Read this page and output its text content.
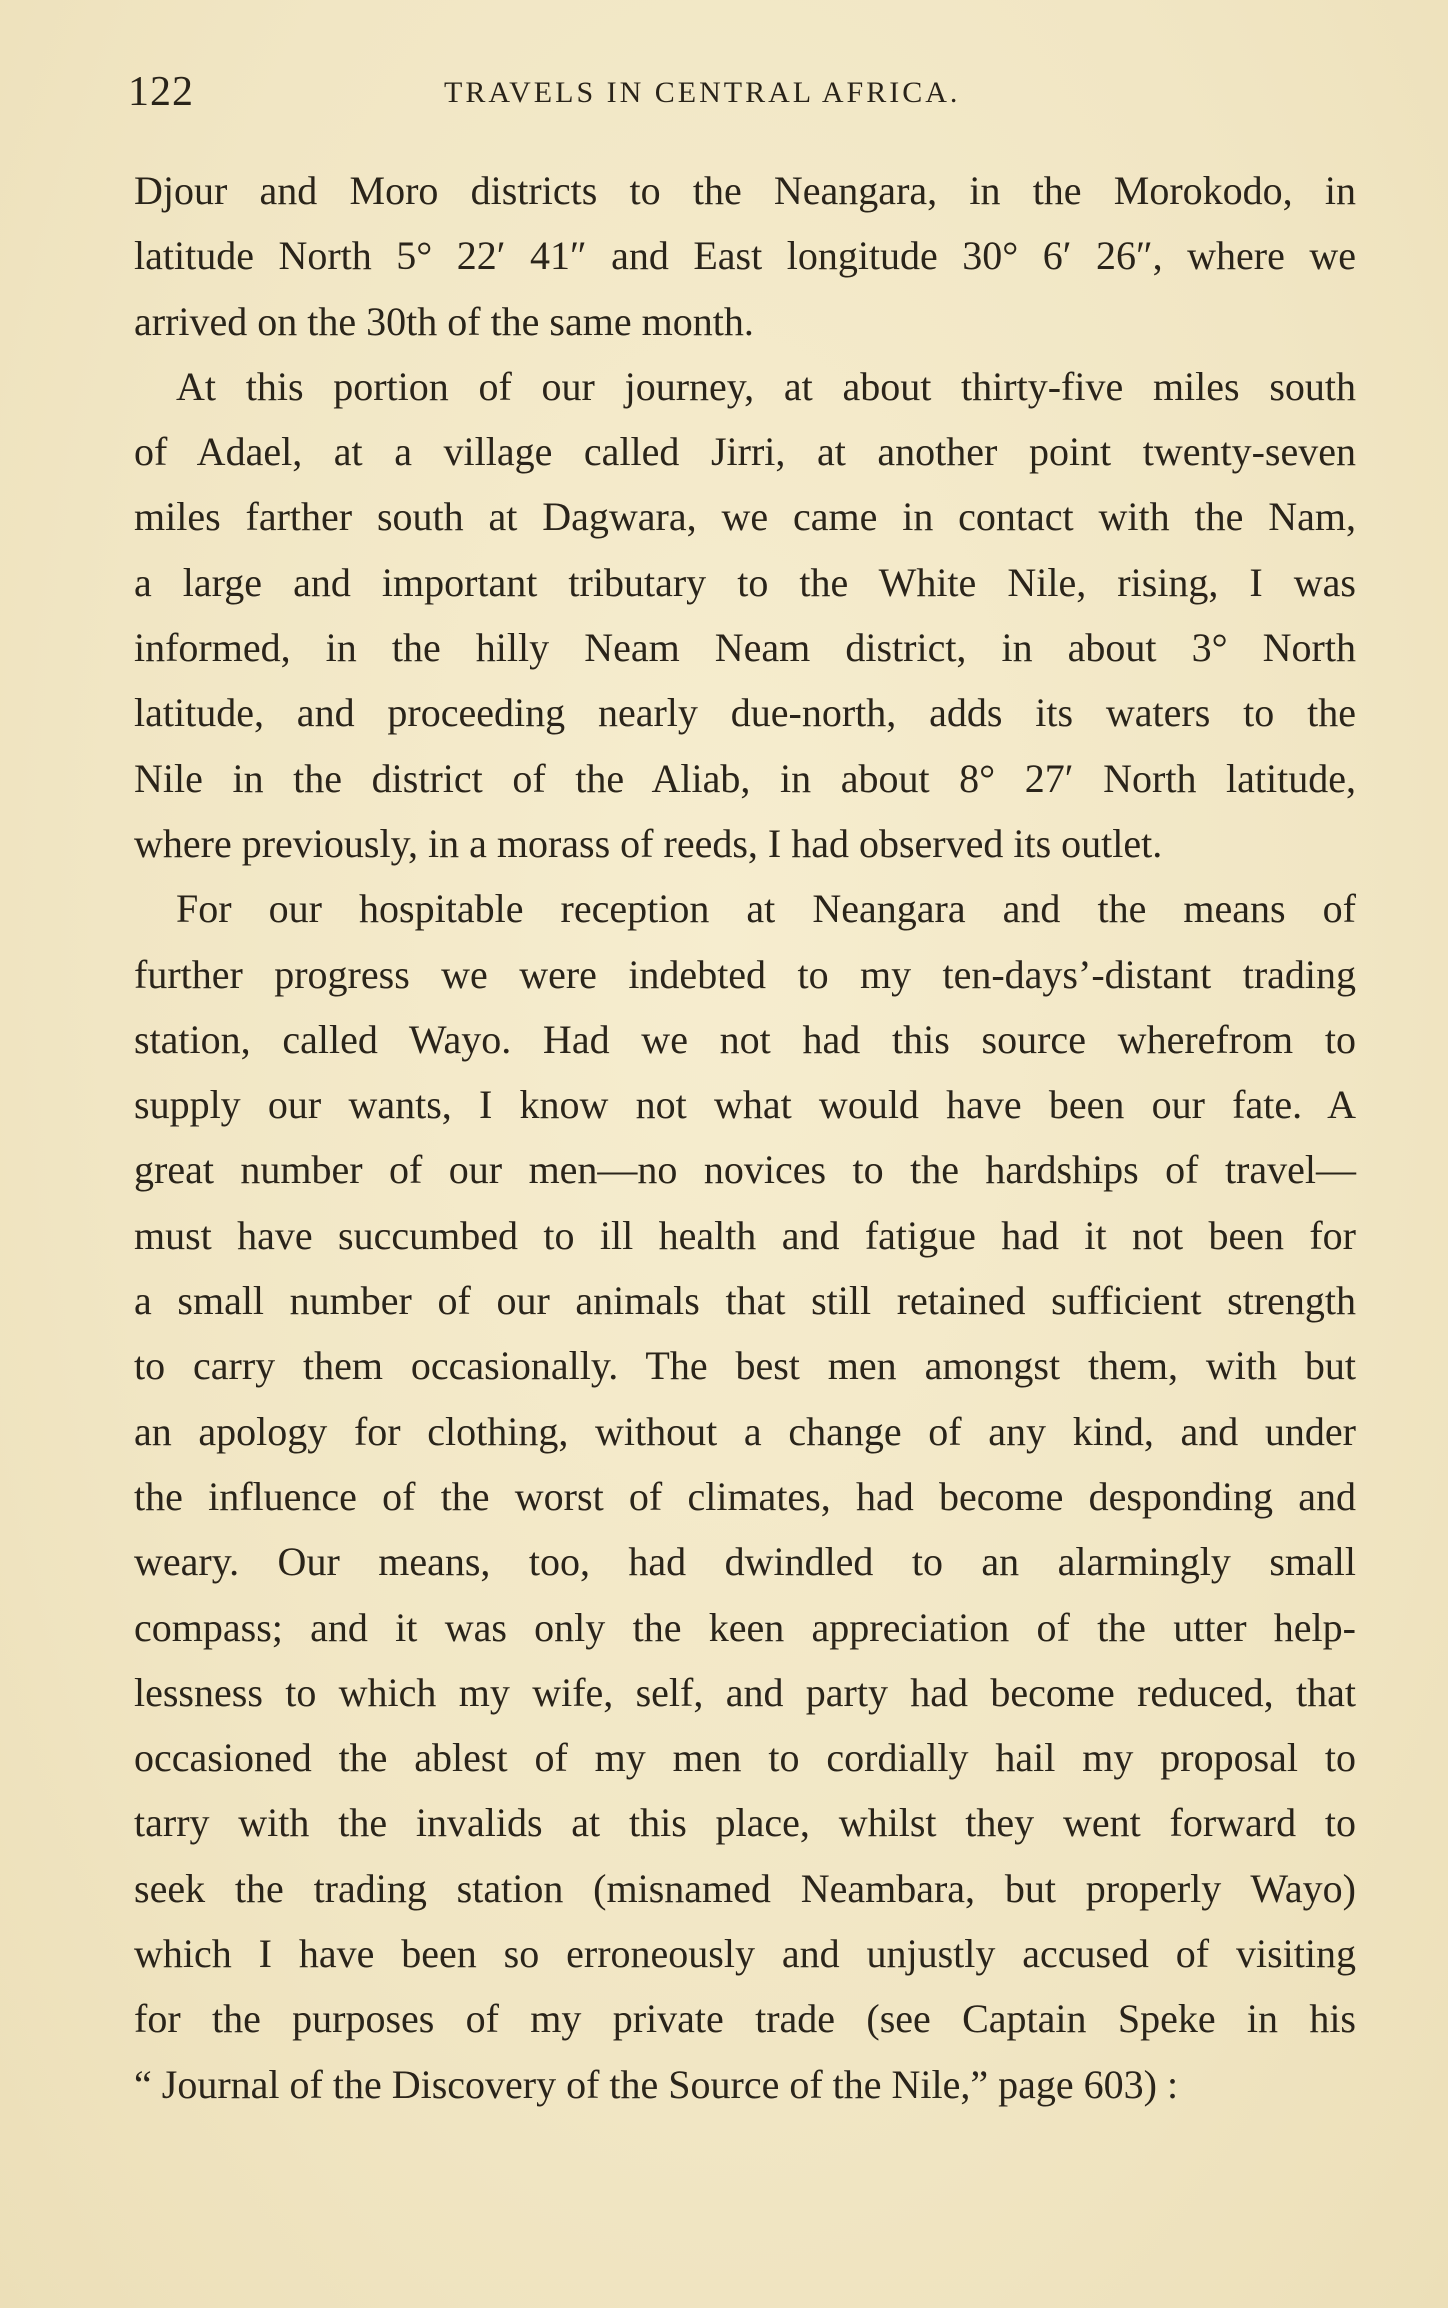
122	TRAVELS IN CENTRAL AFRICA.
Djour and Moro districts to the Neangara, in the Morokodo, in
latitude North 5° 22′ 41″ and East longitude 30° 6′ 26″, where we
arrived on the 30th of the same month.
At this portion of our journey, at about thirty-five miles south
of Adael, at a village called Jirri, at another point twenty-seven
miles farther south at Dagwara, we came in contact with the Nam,
a large and important tributary to the White Nile, rising, I was
informed, in the hilly Neam Neam district, in about 3° North
latitude, and proceeding nearly due-north, adds its waters to the
Nile in the district of the Aliab, in about 8° 27′ North latitude,
where previously, in a morass of reeds, I had observed its outlet.
For our hospitable reception at Neangara and the means of
further progress we were indebted to my ten-days’-distant trading
station, called Wayo. Had we not had this source wherefrom to
supply our wants, I know not what would have been our fate. A
great number of our men—no novices to the hardships of travel—
must have succumbed to ill health and fatigue had it not been for
a small number of our animals that still retained sufficient strength
to carry them occasionally. The best men amongst them, with but
an apology for clothing, without a change of any kind, and under
the influence of the worst of climates, had become desponding and
weary. Our means, too, had dwindled to an alarmingly small
compass; and it was only the keen appreciation of the utter help-
lessness to which my wife, self, and party had become reduced, that
occasioned the ablest of my men to cordially hail my proposal to
tarry with the invalids at this place, whilst they went forward to
seek the trading station (misnamed Neambara, but properly Wayo)
which I have been so erroneously and unjustly accused of visiting
for the purposes of my private trade (see Captain Speke in his
“ Journal of the Discovery of the Source of the Nile,” page 603) :
